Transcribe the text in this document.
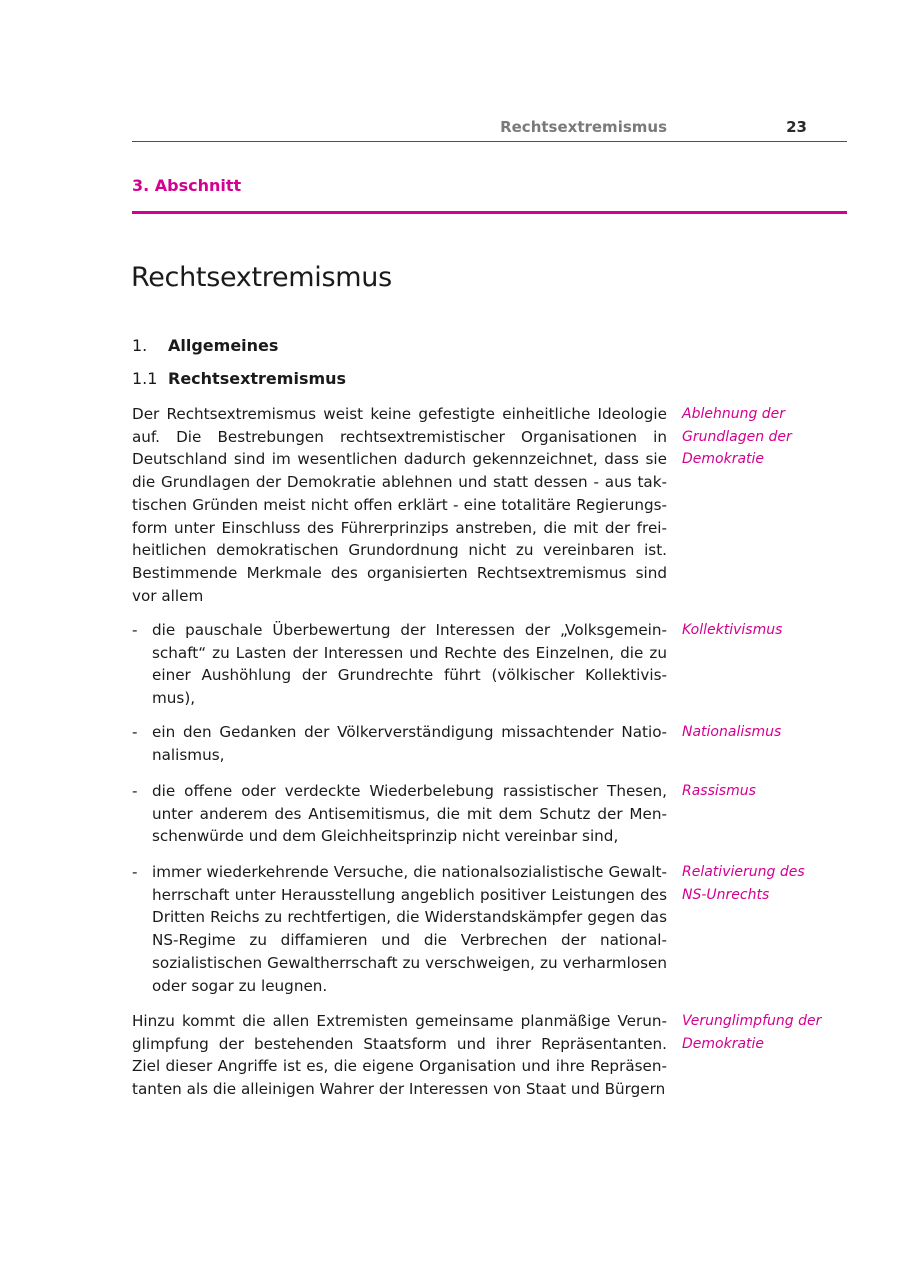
Rechtsextremismus	23
3. Abschnitt
Rechtsextremismus
1. Allgemeines
1.1 Rechtsextremismus
Der Rechtsextremismus weist keine gefestigte einheitliche Ideologie auf. Die Bestrebungen rechtsextremistischer Organisationen in Deutschland sind im wesentlichen dadurch gekennzeichnet, dass sie die Grundlagen der Demokratie ablehnen und statt dessen - aus taktischen Gründen meist nicht offen erklärt - eine totalitäre Regierungsform unter Einschluss des Führerprinzips anstreben, die mit der freiheitlichen demokratischen Grundordnung nicht zu vereinbaren ist. Bestimmende Merkmale des organisierten Rechtsextremismus sind vor allem
- die pauschale Überbewertung der Interessen der „Volksgemeinschaft“ zu Lasten der Interessen und Rechte des Einzelnen, die zu einer Aushöhlung der Grundrechte führt (völkischer Kollektivismus),
- ein den Gedanken der Völkerverständigung missachtender Nationalismus,
- die offene oder verdeckte Wiederbelebung rassistischer Thesen, unter anderem des Antisemitismus, die mit dem Schutz der Menschenwürde und dem Gleichheitsprinzip nicht vereinbar sind,
- immer wiederkehrende Versuche, die nationalsozialistische Gewaltherrschaft unter Herausstellung angeblich positiver Leistungen des Dritten Reichs zu rechtfertigen, die Widerstandskämpfer gegen das NS-Regime zu diffamieren und die Verbrechen der nationalsozialistischen Gewaltherrschaft zu verschweigen, zu verharmlosen oder sogar zu leugnen.
Hinzu kommt die allen Extremisten gemeinsame planmäßige Verunglimpfung der bestehenden Staatsform und ihrer Repräsentanten. Ziel dieser Angriffe ist es, die eigene Organisation und ihre Repräsentanten als die alleinigen Wahrer der Interessen von Staat und Bürgern
Ablehnung der Grundlagen der Demokratie
Kollektivismus
Nationalismus
Rassismus
Relativierung des NS-Unrechts
Verunglimpfung der Demokratie
